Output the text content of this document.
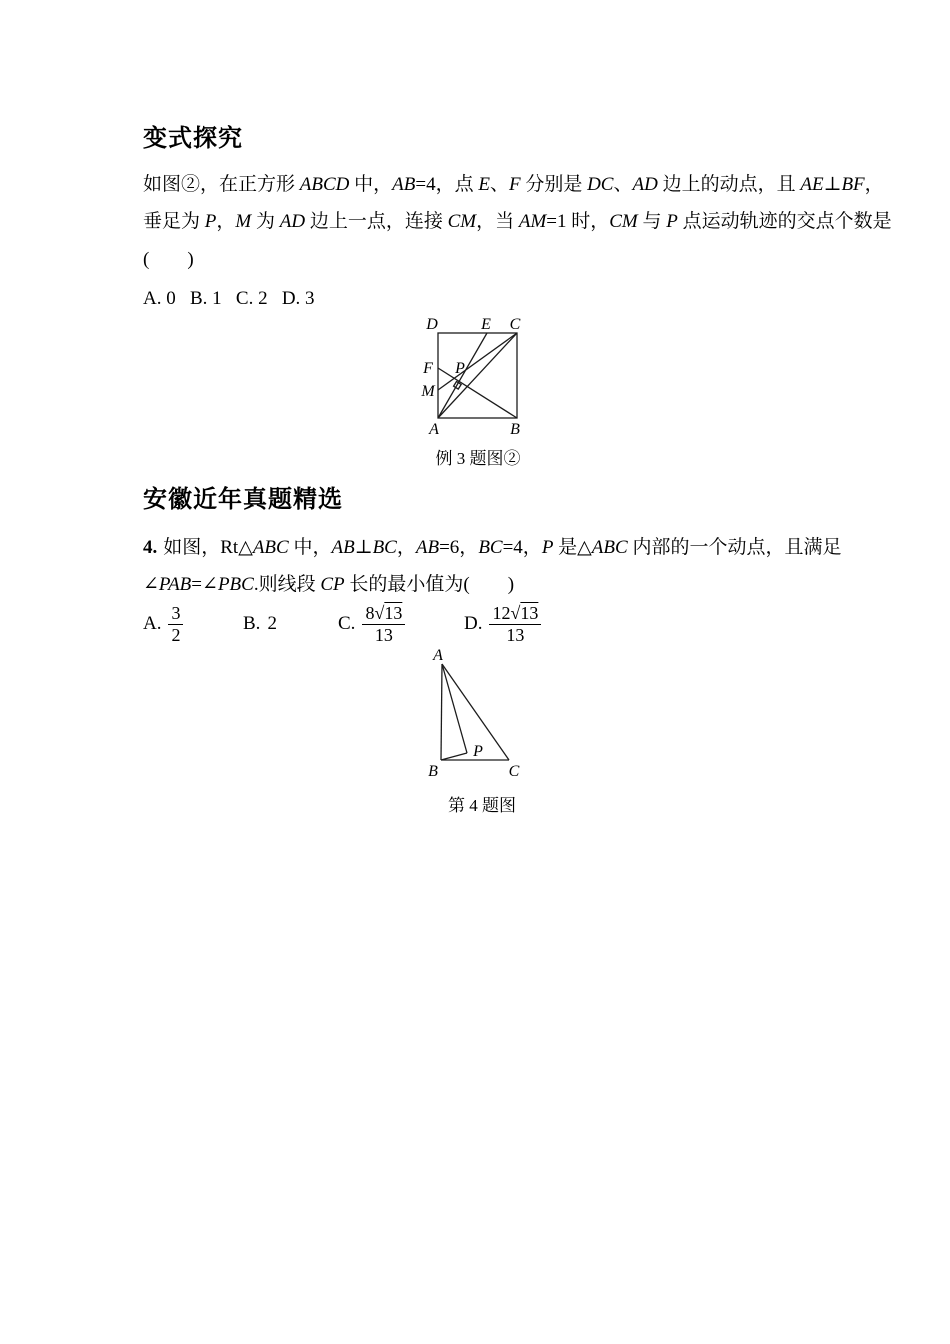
变式探究
如图②，在正方形 ABCD 中，AB=4，点 E、F 分别是 DC、AD 边上的动点，且 AE⊥BF，
垂足为 P，M 为 AD 边上一点，连接 CM，当 AM=1 时，CM 与 P 点运动轨迹的交点个数是
(　　)
A. 0   B. 1   C. 2   D. 3
D	E C
F P
M
A	B
例 3 题图②
安徽近年真题精选
4. 如图，Rt△ABC 中，AB⊥BC，AB=6，BC=4，P 是△ABC 内部的一个动点，且满足
∠PAB=∠PBC.则线段 CP 长的最小值为(　　)
A. $\frac{3}{2}$	B. 2	C. $\frac{8√13}{13}$	D. $\frac{12√13}{13}$
A
B	C
P
第 4 题图
